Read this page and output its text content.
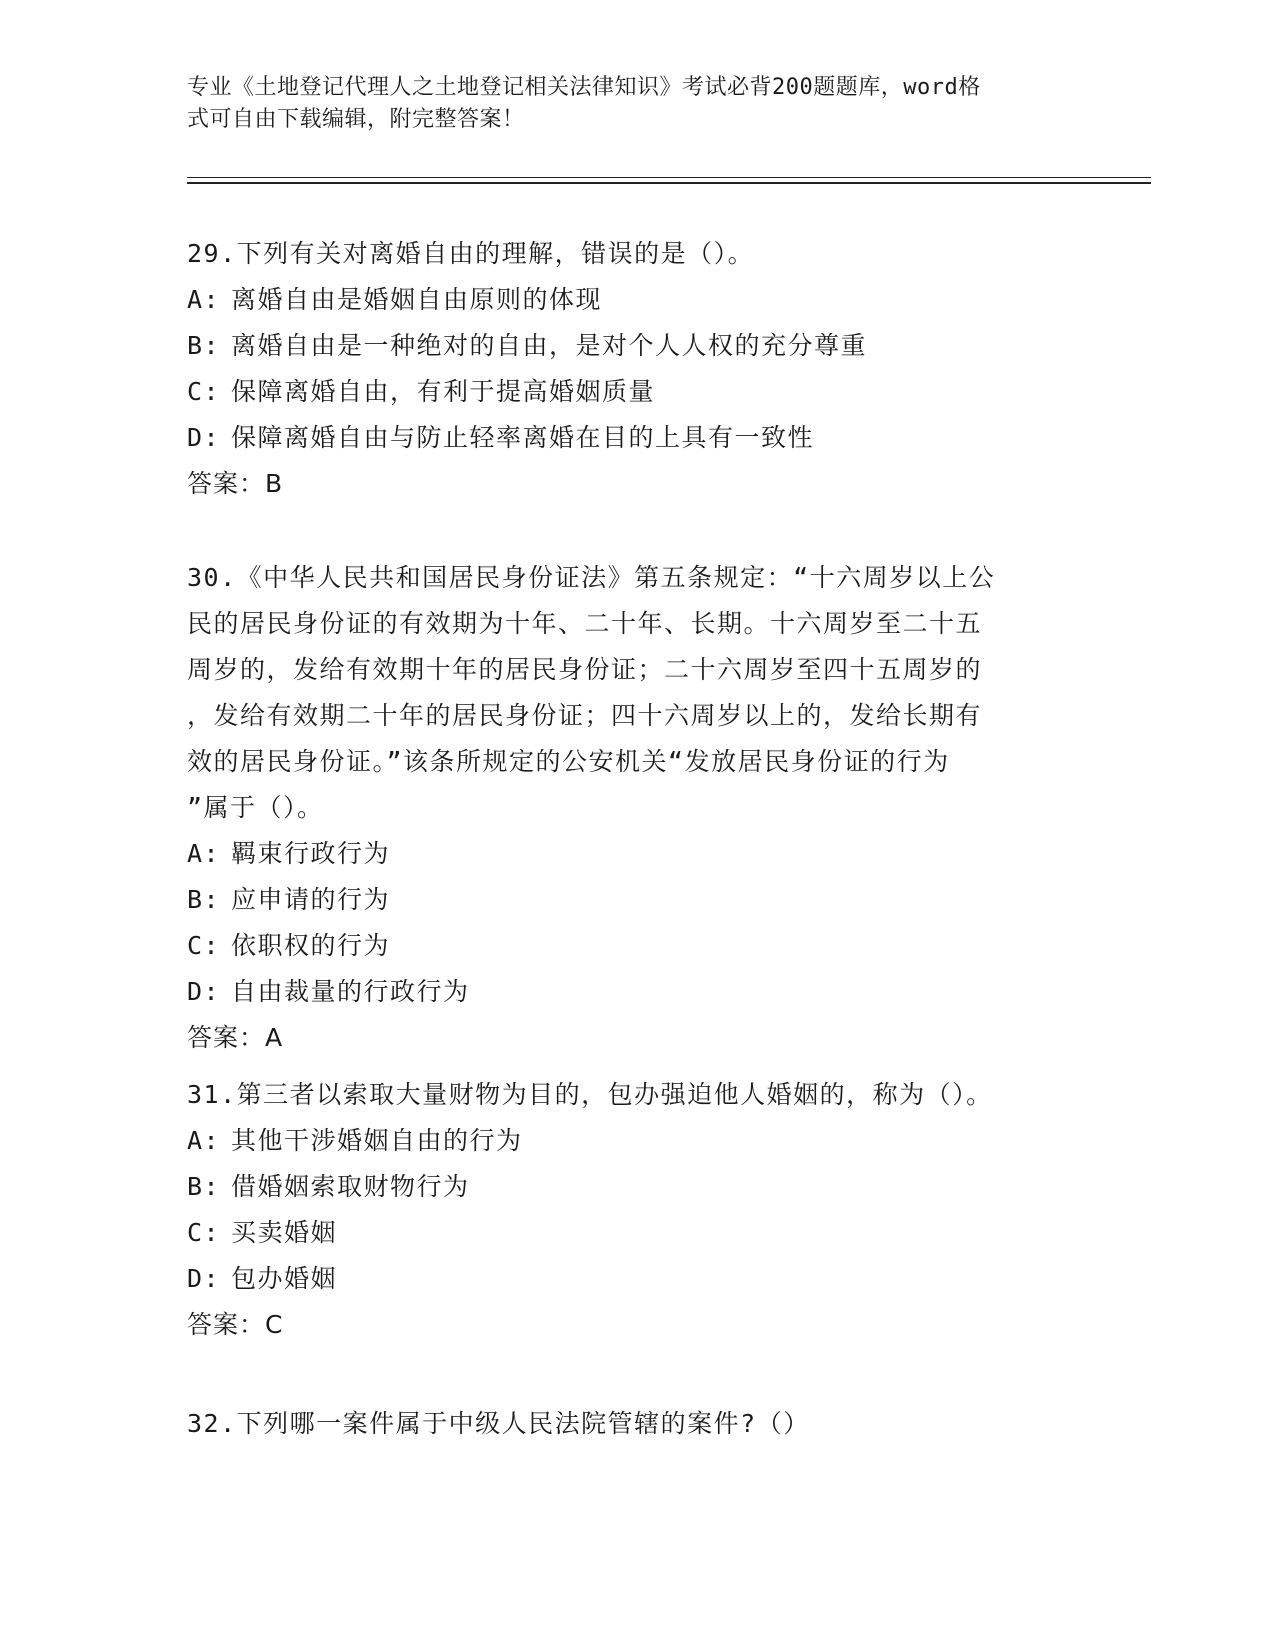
专业《土地登记代理人之土地登记相关法律知识》考试必背200题题库，word格
式可自由下载编辑，附完整答案！
29.下列有关对离婚自由的理解，错误的是（）。
A: 离婚自由是婚姻自由原则的体现
B: 离婚自由是一种绝对的自由，是对个人人权的充分尊重
C: 保障离婚自由，有利于提高婚姻质量
D: 保障离婚自由与防止轻率离婚在目的上具有一致性
答案：B
30.《中华人民共和国居民身份证法》第五条规定：“十六周岁以上公
民的居民身份证的有效期为十年、二十年、长期。十六周岁至二十五
周岁的，发给有效期十年的居民身份证；二十六周岁至四十五周岁的
，发给有效期二十年的居民身份证；四十六周岁以上的，发给长期有
效的居民身份证。”该条所规定的公安机关“发放居民身份证的行为
”属于（）。
A: 羁束行政行为
B: 应申请的行为
C: 依职权的行为
D: 自由裁量的行政行为
答案：A
31.第三者以索取大量财物为目的，包办强迫他人婚姻的，称为（）。
A: 其他干涉婚姻自由的行为
B: 借婚姻索取财物行为
C: 买卖婚姻
D: 包办婚姻
答案：C
32.下列哪一案件属于中级人民法院管辖的案件?（）
